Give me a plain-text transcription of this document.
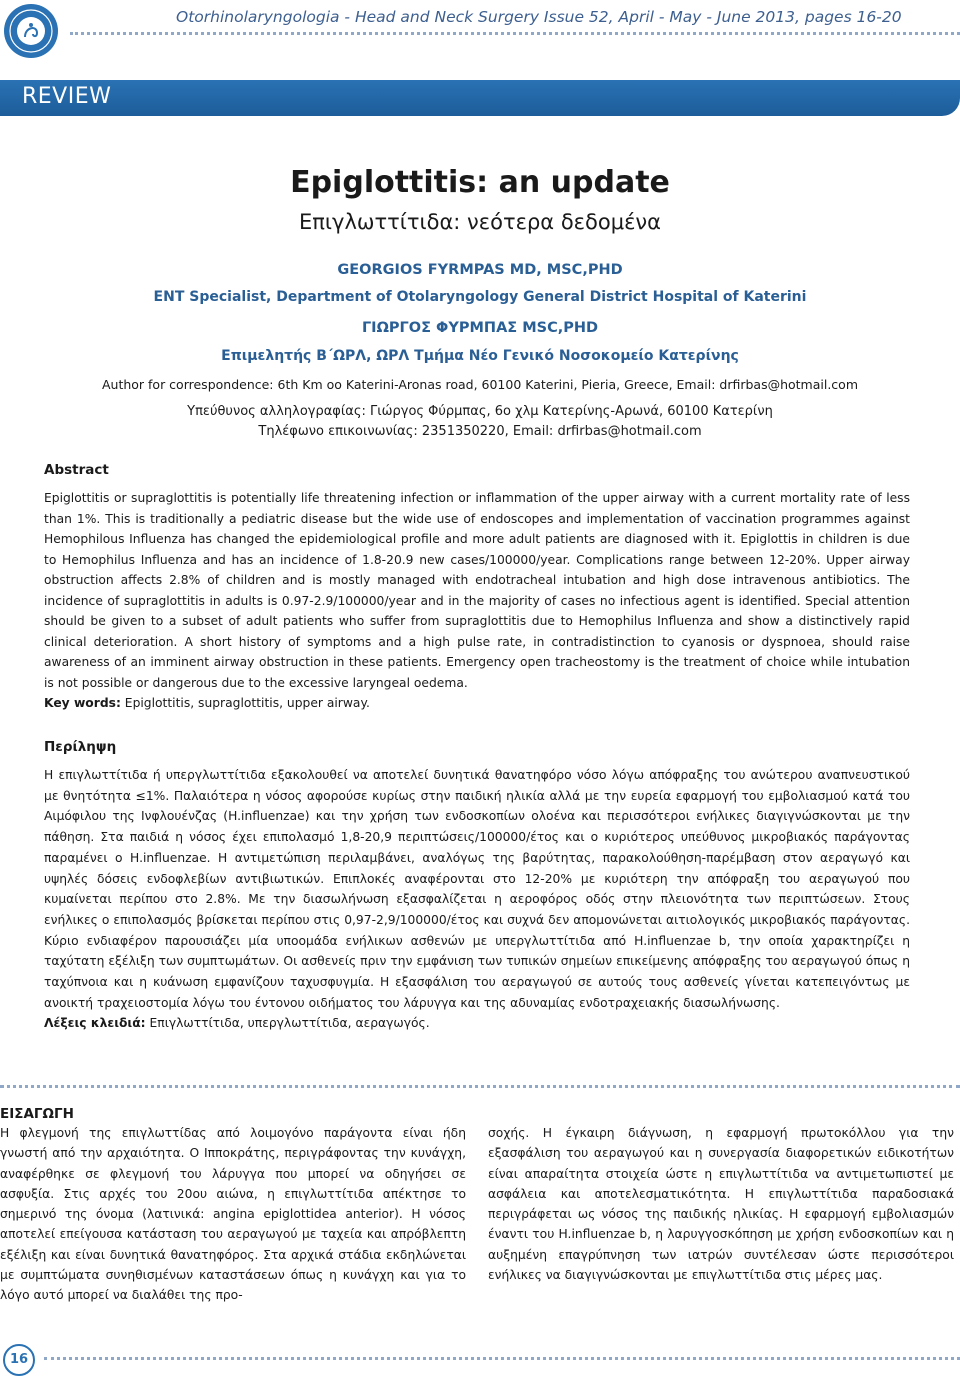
Otorhinolaryngologia - Head and Neck Surgery Issue 52, April - May - June 2013, pages 16-20
REVIEW
Epiglottitis: an update
Επιγλωττίτιδα: νεότερα δεδομένα
GEORGIOS FYRMPAS MD, MSC,PHD
ENT Specialist, Department of Otolaryngology General District Hospital of Katerini
ΓΙΩΡΓΟΣ ΦΥΡΜΠΑΣ MSC,PHD
Επιμελητής Β΄ΩΡΛ, ΩΡΛ Τμήμα Νέο Γενικό Νοσοκομείο Κατερίνης
Author for correspondence: 6th Km oo Katerini-Aronas road, 60100 Katerini, Pieria, Greece, Email: drfirbas@hotmail.com
Υπεύθυνος αλληλογραφίας: Γιώργος Φύρμπας, 6ο χλμ Κατερίνης-Αρωνά, 60100 Κατερίνη
Τηλέφωνο επικοινωνίας: 2351350220, Email: drfirbas@hotmail.com
Abstract

Epiglottitis or supraglottitis is potentially life threatening infection or inflammation of the upper airway with a current mortality rate of less than 1%. This is traditionally a pediatric disease but the wide use of endoscopes and implementation of vaccination programmes against Hemophilous Influenza has changed the epidemiological profile and more adult patients are diagnosed with it. Epiglottis in children is due to Hemophilus Influenza and has an incidence of 1.8-20.9 new cases/100000/year. Complications range between 12-20%. Upper airway obstruction affects 2.8% of children and is mostly managed with endotracheal intubation and high dose intravenous antibiotics. The incidence of supraglottitis in adults is 0.97-2.9/100000/year and in the majority of cases no infectious agent is identified. Special attention should be given to a subset of adult patients who suffer from supraglottitis due to Hemophilus Influenza and show a distinctively rapid clinical deterioration. A short history of symptoms and a high pulse rate, in contradistinction to cyanosis or dyspnoea, should raise awareness of an imminent airway obstruction in these patients. Emergency open tracheostomy is the treatment of choice while intubation is not possible or dangerous due to the excessive laryngeal oedema.

Key words: Epiglottitis, supraglottitis, upper airway.

Περίληψη

Η επιγλωττίτιδα ή υπεργλωττίτιδα εξακολουθεί να αποτελεί δυνητικά θανατηφόρο νόσο λόγω απόφραξης του ανώτερου αναπνευστικού με θνητότητα ≤1%. Παλαιότερα η νόσος αφορούσε κυρίως στην παιδική ηλικία αλλά με την ευρεία εφαρμογή του εμβολιασμού κατά του Αιμόφιλου της Ινφλουένζας (H.influenzae) και την χρήση των ενδοσκοπίων ολοένα και περισσότεροι ενήλικες διαγιγνώσκονται με την πάθηση. Στα παιδιά η νόσος έχει επιπολασμό 1,8-20,9 περιπτώσεις/100000/έτος και ο κυριότερος υπεύθυνος μικροβιακός παράγοντας παραμένει ο H.influenzae. Η αντιμετώπιση περιλαμβάνει, αναλόγως της βαρύτητας, παρακολούθηση-παρέμβαση στον αεραγωγό και υψηλές δόσεις ενδοφλεβίων αντιβιωτικών. Επιπλοκές αναφέρονται στο 12-20% με κυριότερη την απόφραξη του αεραγωγού που κυμαίνεται περίπου στο 2.8%. Με την διασωλήνωση εξασφαλίζεται η αεροφόρος οδός στην πλειονότητα των περιπτώσεων. Στους ενήλικες ο επιπολασμός βρίσκεται περίπου στις 0,97-2,9/100000/έτος και συχνά δεν απομονώνεται αιτιολογικός μικροβιακός παράγοντας. Κύριο ενδιαφέρον παρουσιάζει μία υποομάδα ενήλικων ασθενών με υπεργλωττίτιδα από H.influenzae b, την οποία χαρακτηρίζει η ταχύτατη εξέλιξη των συμπτωμάτων. Οι ασθενείς πριν την εμφάνιση των τυπικών σημείων επικείμενης απόφραξης του αεραγωγού όπως η ταχύπνοια και η κυάνωση εμφανίζουν ταχυσφυγμία. Η εξασφάλιση του αεραγωγού σε αυτούς τους ασθενείς γίνεται κατεπειγόντως με ανοικτή τραχειοστομία λόγω του έντονου οιδήματος του λάρυγγα και της αδυναμίας ενδοτραχειακής διασωλήνωσης.

Λέξεις κλειδιά: Επιγλωττίτιδα, υπεργλωττίτιδα, αεραγωγός.

ΕΙΣΑΓΩΓΗ
Η φλεγμονή της επιγλωττίδας από λοιμογόνο παράγοντα είναι ήδη γνωστή από την αρχαιότητα. Ο Ιπποκράτης, περιγράφοντας την κυνάγχη, αναφέρθηκε σε φλεγμονή του λάρυγγα που μπορεί να οδηγήσει σε ασφυξία. Στις αρχές του 20ου αιώνα, η επιγλωττίτιδα απέκτησε το σημερινό της όνομα (λατινικά: angina epiglottidea anterior). Η νόσος αποτελεί επείγουσα κατάσταση του αεραγωγού με ταχεία και απρόβλεπτη εξέλιξη και είναι δυνητικά θανατηφόρος. Στα αρχικά στάδια εκδηλώνεται με συμπτώματα συνηθισμένων καταστάσεων όπως η κυνάγχη και για το λόγο αυτό μπορεί να διαλάθει της προ-
σοχής. Η έγκαιρη διάγνωση, η εφαρμογή πρωτοκόλλου για την εξασφάλιση του αεραγωγού και η συνεργασία διαφορετικών ειδικοτήτων είναι απαραίτητα στοιχεία ώστε η επιγλωττίτιδα να αντιμετωπιστεί με ασφάλεια και αποτελεσματικότητα. Η επιγλωττίτιδα παραδοσιακά περιγράφεται ως νόσος της παιδικής ηλικίας. Η εφαρμογή εμβολιασμών έναντι του H.influenzae b, η λαρυγγοσκόπηση με χρήση ενδοσκοπίων και η αυξημένη επαγρύπνηση των ιατρών συντέλεσαν ώστε περισσότεροι ενήλικες να διαγιγνώσκονται με επιγλωττίτιδα στις μέρες μας.
16
